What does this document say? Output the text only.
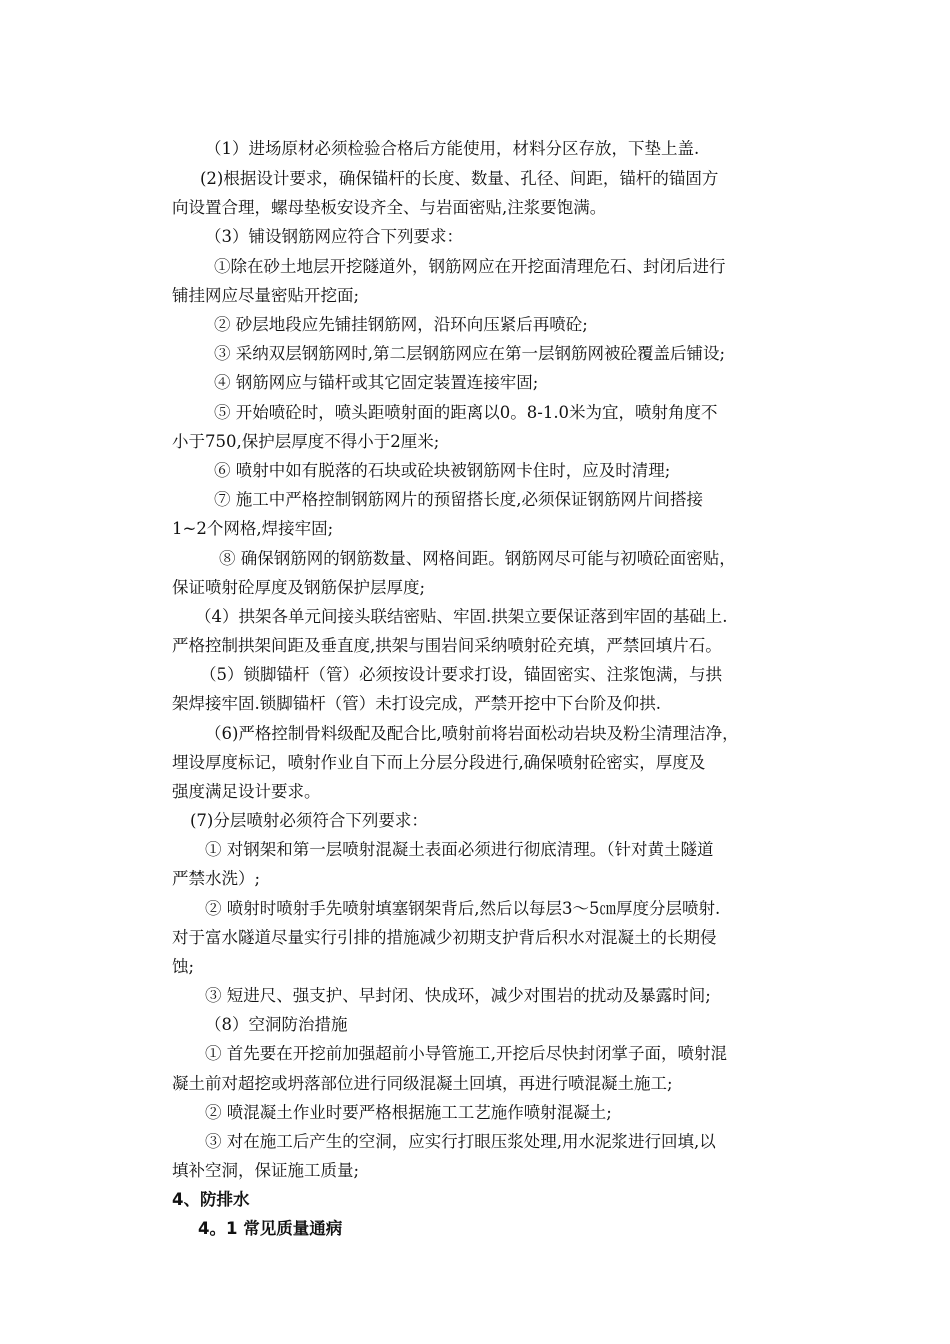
（1）进场原材必须检验合格后方能使用，材料分区存放，下垫上盖.
(2)根据设计要求，确保锚杆的长度、数量、孔径、间距，锚杆的锚固方
向设置合理，螺母垫板安设齐全、与岩面密贴,注浆要饱满。
（3）铺设钢筋网应符合下列要求：
①除在砂土地层开挖隧道外，钢筋网应在开挖面清理危石、封闭后进行
铺挂网应尽量密贴开挖面;
② 砂层地段应先铺挂钢筋网，沿环向压紧后再喷砼;
③ 采纳双层钢筋网时,第二层钢筋网应在第一层钢筋网被砼覆盖后铺设;
④ 钢筋网应与锚杆或其它固定装置连接牢固;
⑤ 开始喷砼时，喷头距喷射面的距离以0。8-1.0米为宜，喷射角度不
小于750,保护层厚度不得小于2厘米;
⑥ 喷射中如有脱落的石块或砼块被钢筋网卡住时，应及时清理;
⑦ 施工中严格控制钢筋网片的预留搭长度,必须保证钢筋网片间搭接
1~2个网格,焊接牢固;
⑧ 确保钢筋网的钢筋数量、网格间距。钢筋网尽可能与初喷砼面密贴，
保证喷射砼厚度及钢筋保护层厚度;
（4）拱架各单元间接头联结密贴、牢固.拱架立要保证落到牢固的基础上.
严格控制拱架间距及垂直度,拱架与围岩间采纳喷射砼充填，严禁回填片石。
（5）锁脚锚杆（管）必须按设计要求打设，锚固密实、注浆饱满，与拱
架焊接牢固.锁脚锚杆（管）未打设完成，严禁开挖中下台阶及仰拱.
（6)严格控制骨料级配及配合比,喷射前将岩面松动岩块及粉尘清理洁净，
埋设厚度标记，喷射作业自下而上分层分段进行,确保喷射砼密实，厚度及
强度满足设计要求。
(7)分层喷射必须符合下列要求：
① 对钢架和第一层喷射混凝土表面必须进行彻底清理。（针对黄土隧道
严禁水洗）;
② 喷射时喷射手先喷射填塞钢架背后,然后以每层3～5㎝厚度分层喷射.
对于富水隧道尽量实行引排的措施减少初期支护背后积水对混凝土的长期侵
蚀;
③ 短进尺、强支护、早封闭、快成环，减少对围岩的扰动及暴露时间;
（8）空洞防治措施
① 首先要在开挖前加强超前小导管施工,开挖后尽快封闭掌子面，喷射混
凝土前对超挖或坍落部位进行同级混凝土回填，再进行喷混凝土施工;
② 喷混凝土作业时要严格根据施工工艺施作喷射混凝土;
③ 对在施工后产生的空洞，应实行打眼压浆处理,用水泥浆进行回填,以
填补空洞，保证施工质量;
4、防排水
4。1 常见质量通病
